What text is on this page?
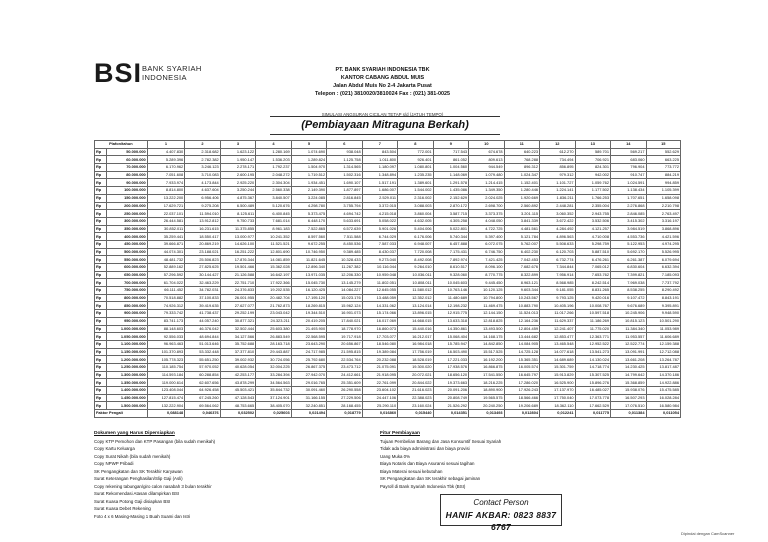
BSI BANK SYARIAH INDONESIA
PT. BANK SYARIAH INDONESIA TBK
KANTOR CABANG ABDUL MUIS
Jalan Abdul Muis No 2-4 Jakarta Pusat
Telepon : (021) 3810020/3810024 Fax : (021) 381-0025
SIMULASI ANGSURAN CICILAN TETAP s/d (JATUH TEMPO)
(Pembiayaan Mitraguna Berkah)
Plafon/tahun		1	2	3	4	5	6	7	8	9	10	11	12	13	14	15
Rp	50.000.000	4.407.830	2.318.682	1.623.122	1.280.169	1.074.690	938.048	843.504	772.001	717.543	674.678	640.223	612.270	589.701	569.217	552.629
Rp	60.000.000	5.289.396	2.782.382	1.950.147	1.536.203	1.289.824	1.125.758	1.011.800	926.401	861.052	809.613	768.288	734.494	706.921	683.060	663.225
Rp	70.000.000	6.170.962	3.246.123	2.278.171	1.792.237	1.504.970	1.314.565	1.180.097	1.080.801	1.004.560	944.549	896.312	856.895	824.301	796.904	773.772
Rp	80.000.000	7.051.608	3.710.083	2.600.195	2.048.272	1.719.512	1.502.316	1.348.894	1.235.235	1.148.069	1.079.480	1.024.347	979.312	942.002	910.747	884.219
Rp	90.000.000	7.933.974	4.173.844	2.925.220	2.304.304	1.934.451	1.690.107	1.517.191	1.389.601	1.291.578	1.214.415	1.152.401	1.101.727	1.059.762	1.024.591	994.859
Rp	100.000.000	8.814.800	4.637.604	3.250.244	2.560.338	2.149.390	1.877.897	1.686.007	1.544.002	1.435.086	1.349.350	1.280.446	1.224.141	1.177.502	1.138.434	1.105.399
Rp	150.000.000	13.222.200	6.956.406	4.875.367	3.840.507	3.224.085	2.816.845	2.529.011	2.316.002	2.152.629	2.024.025	1.920.669	1.836.211	1.766.253	1.707.651	1.658.098
Rp	200.000.000	17.629.721	9.275.208	6.500.489	5.120.676	4.298.780	3.755.794	3.372.015	3.088.003	2.870.172	2.698.700	2.560.892	2.448.281	2.355.004	2.276.868	2.210.798
Rp	250.000.000	22.037.101	11.594.010	8.125.611	6.400.845	5.373.475	4.694.742	4.215.018	3.860.004	3.587.715	3.373.375	3.201.115	3.060.352	2.943.755	2.846.085	2.763.497
Rp	300.000.000	26.444.581	13.912.812	9.750.733	7.681.014	6.448.170	5.633.691	5.058.022	4.632.005	4.305.258	4.048.050	3.841.339	3.672.422	3.532.506	3.415.302	3.316.197
Rp	350.000.000	30.852.011	16.231.615	11.375.855	8.961.183	7.522.865	6.572.639	5.901.026	5.404.006	5.022.801	4.722.725	4.481.561	4.284.492	4.121.257	3.984.519	3.868.896
Rp	400.000.000	35.259.441	18.550.417	13.000.977	10.241.352	8.597.560	7.511.588	6.744.029	6.176.006	5.740.344	5.397.400	5.121.784	4.896.563	4.710.008	4.553.736	4.421.596
Rp	450.000.000	39.666.871	20.869.219	14.626.100	11.521.521	9.672.255	8.450.536	7.587.033	6.948.007	6.457.888	6.072.075	5.762.007	5.508.633	5.298.759	5.122.953	4.974.295
Rp	500.000.000	44.074.301	23.188.021	16.251.222	12.801.690	10.746.950	9.389.485	8.430.037	7.720.008	7.175.431	6.746.750	6.402.230	6.120.703	5.887.510	5.692.170	5.526.995
Rp	550.000.000	48.481.732	25.506.823	17.876.344	14.081.859	11.821.645	10.328.433	9.273.040	8.492.008	7.892.974	7.421.425	7.042.453	6.732.774	6.476.261	6.261.387	6.079.694
Rp	600.000.000	52.889.162	27.825.625	19.501.466	15.362.028	12.896.340	11.267.382	10.116.044	9.264.010	8.610.517	8.096.100	7.682.676	7.344.844	7.065.012	6.830.604	6.632.394
Rp	650.000.000	57.296.592	30.144.427	21.126.588	16.642.197	13.971.035	12.206.330	10.959.048	10.036.011	9.328.060	8.770.775	8.322.899	7.956.914	7.653.762	7.399.821	7.185.093
Rp	700.000.000	61.704.022	32.463.229	22.751.710	17.922.366	15.045.730	13.145.279	11.802.051	10.808.011	10.045.603	9.445.450	8.963.121	8.568.985	8.242.514	7.969.038	7.737.792
Rp	750.000.000	66.111.452	34.782.031	24.376.833	19.202.535	16.120.425	14.084.227	12.645.055	11.580.012	10.763.146	10.120.125	9.603.344	9.181.055	8.831.265	8.538.255	8.290.492
Rp	800.000.000	70.518.882	37.100.833	26.001.955	20.482.704	17.195.120	15.023.176	13.488.059	12.352.012	11.480.689	10.794.800	10.243.567	9.793.125	9.420.016	9.107.472	8.843.191
Rp	850.000.000	74.926.312	39.419.635	27.627.077	21.762.873	18.269.815	15.962.124	14.331.062	13.124.014	12.198.232	11.469.475	10.883.790	10.405.196	10.008.767	9.676.689	9.395.891
Rp	900.000.000	79.333.742	41.738.437	29.252.199	23.043.042	19.344.510	16.901.073	15.174.066	13.896.015	12.915.775	12.144.150	11.524.013	11.017.266	10.597.518	10.245.906	9.948.590
Rp	950.000.000	83.741.173	44.057.240	30.877.321	24.323.211	20.419.205	17.840.021	16.017.069	14.668.015	13.633.318	12.818.825	12.164.236	11.629.337	11.186.269	10.815.123	10.501.290
Rp	1.000.000.000	88.148.603	46.376.042	32.502.444	25.603.380	21.493.900	18.778.970	16.860.073	15.440.016	14.350.861	13.493.500	12.804.459	12.241.407	11.775.020	11.384.340	11.053.989
Rp	1.050.000.000	92.556.033	48.694.844	34.127.566	26.883.549	22.568.595	19.717.918	17.703.077	16.212.017	15.068.404	14.168.175	13.444.682	12.853.477	12.363.771	11.953.557	11.606.689
Rp	1.100.000.000	96.963.463	51.013.646	35.752.688	28.163.718	23.643.290	20.656.867	18.546.080	16.984.018	15.785.947	14.842.850	14.084.905	13.465.548	12.952.522	12.522.774	12.159.388
Rp	1.150.000.000	101.370.893	53.332.448	37.377.810	29.443.887	24.717.985	21.595.815	19.389.084	17.756.019	16.503.490	15.517.525	14.725.128	14.077.618	13.541.273	13.091.991	12.712.088
Rp	1.200.000.000	105.778.323	55.651.250	39.002.932	30.724.056	25.792.680	22.534.764	20.232.088	18.528.019	17.221.033	16.192.200	15.365.351	14.689.689	14.130.024	13.661.208	13.264.787
Rp	1.250.000.000	110.185.754	57.970.052	40.628.054	32.004.225	26.867.375	23.473.712	21.075.091	19.300.020	17.938.576	16.866.875	16.005.574	15.301.759	14.718.774	14.230.425	13.817.487
Rp	1.300.000.000	114.593.184	60.288.854	42.253.177	33.284.394	27.942.070	24.412.661	21.918.095	20.072.021	18.656.120	17.541.550	16.645.797	15.913.829	15.307.525	14.799.642	14.370.186
Rp	1.350.000.000	119.000.614	62.607.656	43.878.299	34.564.563	29.016.765	25.351.609	22.761.099	20.844.022	19.373.663	18.216.225	17.286.020	16.525.900	15.896.276	15.368.859	14.922.886
Rp	1.400.000.000	123.408.044	64.926.458	45.503.421	35.844.732	30.091.460	26.290.558	23.604.102	21.616.023	20.091.206	18.890.900	17.926.243	17.137.970	16.485.027	15.938.076	15.475.585
Rp	1.450.000.000	127.815.474	67.245.260	47.128.543	37.124.901	31.166.155	27.229.506	24.447.106	22.388.023	20.808.749	19.565.575	18.566.466	17.750.040	17.073.778	16.507.293	16.028.284
Rp	1.500.000.000	132.222.904	69.564.062	48.753.665	38.405.070	32.240.851	28.168.455	25.290.110	23.160.024	21.526.292	20.240.250	19.206.689	18.362.110	17.662.529	17.076.510	16.580.984
Faktor Pengali		0,088148	0,046376	0,032502	0,025603	0,021494	0,018779	0,016860	0,015440	0,014351	0,013493	0,012804	0,012241	0,011775	0,011384	0,011054
Dokumen yang Harus Dipersiapkan
Copy KTP Pemohon dan KTP Pasangan (bila sudah menikah)
Copy Kartu Keluarga
Copy Surat Nikah (bila sudah menikah)
Copy NPWP Pribadi
SK Pengangkatan dan SK Terakhir Karyawan
Surat Keterangan Penghasilan/Slip Gaji (Asli)
Copy rekening tabungan/giro calon nasabah 3 bulan terakhir
Surat Rekomendasi Atasan dilampirkan BSI
Surat Kuasa Potong Gaji disiapkan BSI
Surat Kuasa Debet Rekening
Foto 4 x 6 Masing-Masing 1 Buah Suami dan Istri
Fitur Pembiayaan
Tujuan Pembelian Barang dan Jasa Konsumtif Sesuai Syariah
Tidak ada biaya administrasi dan biaya provisi
Uang Muka 0%
Biaya Notaris dan Biaya Asuransi sesuai tagihan
Biaya Materai sesuai kebutuhan
SK Pengangkatan dan SK terakhir sebagai jaminan
Payroll di Bank Syariah Indonesia Tbk (BSI)
Contact Person
HANIF AKBAR: 0823 8837 6767
Dipindai dengan CamScanner
